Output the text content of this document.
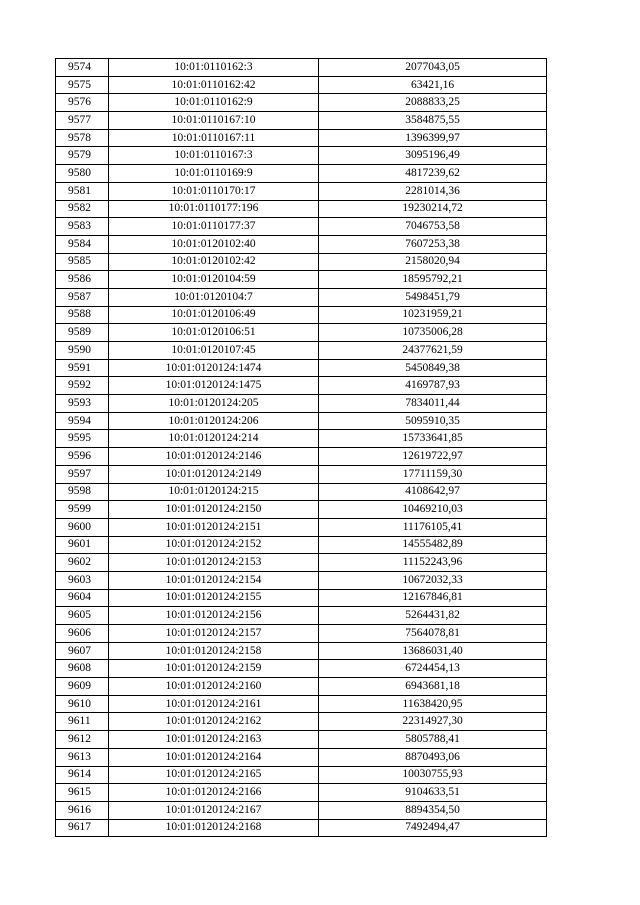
9574	10:01:0110162:3	2077043,05
9575	10:01:0110162:42	63421,16
9576	10:01:0110162:9	2088833,25
9577	10:01:0110167:10	3584875,55
9578	10:01:0110167:11	1396399,97
9579	10:01:0110167:3	3095196,49
9580	10:01:0110169:9	4817239,62
9581	10:01:0110170:17	2281014,36
9582	10:01:0110177:196	19230214,72
9583	10:01:0110177:37	7046753,58
9584	10:01:0120102:40	7607253,38
9585	10:01:0120102:42	2158020,94
9586	10:01:0120104:59	18595792,21
9587	10:01:0120104:7	5498451,79
9588	10:01:0120106:49	10231959,21
9589	10:01:0120106:51	10735006,28
9590	10:01:0120107:45	24377621,59
9591	10:01:0120124:1474	5450849,38
9592	10:01:0120124:1475	4169787,93
9593	10:01:0120124:205	7834011,44
9594	10:01:0120124:206	5095910,35
9595	10:01:0120124:214	15733641,85
9596	10:01:0120124:2146	12619722,97
9597	10:01:0120124:2149	17711159,30
9598	10:01:0120124:215	4108642,97
9599	10:01:0120124:2150	10469210,03
9600	10:01:0120124:2151	11176105,41
9601	10:01:0120124:2152	14555482,89
9602	10:01:0120124:2153	11152243,96
9603	10:01:0120124:2154	10672032,33
9604	10:01:0120124:2155	12167846,81
9605	10:01:0120124:2156	5264431,82
9606	10:01:0120124:2157	7564078,81
9607	10:01:0120124:2158	13686031,40
9608	10:01:0120124:2159	6724454,13
9609	10:01:0120124:2160	6943681,18
9610	10:01:0120124:2161	11638420,95
9611	10:01:0120124:2162	22314927,30
9612	10:01:0120124:2163	5805788,41
9613	10:01:0120124:2164	8870493,06
9614	10:01:0120124:2165	10030755,93
9615	10:01:0120124:2166	9104633,51
9616	10:01:0120124:2167	8894354,50
9617	10:01:0120124:2168	7492494,47
